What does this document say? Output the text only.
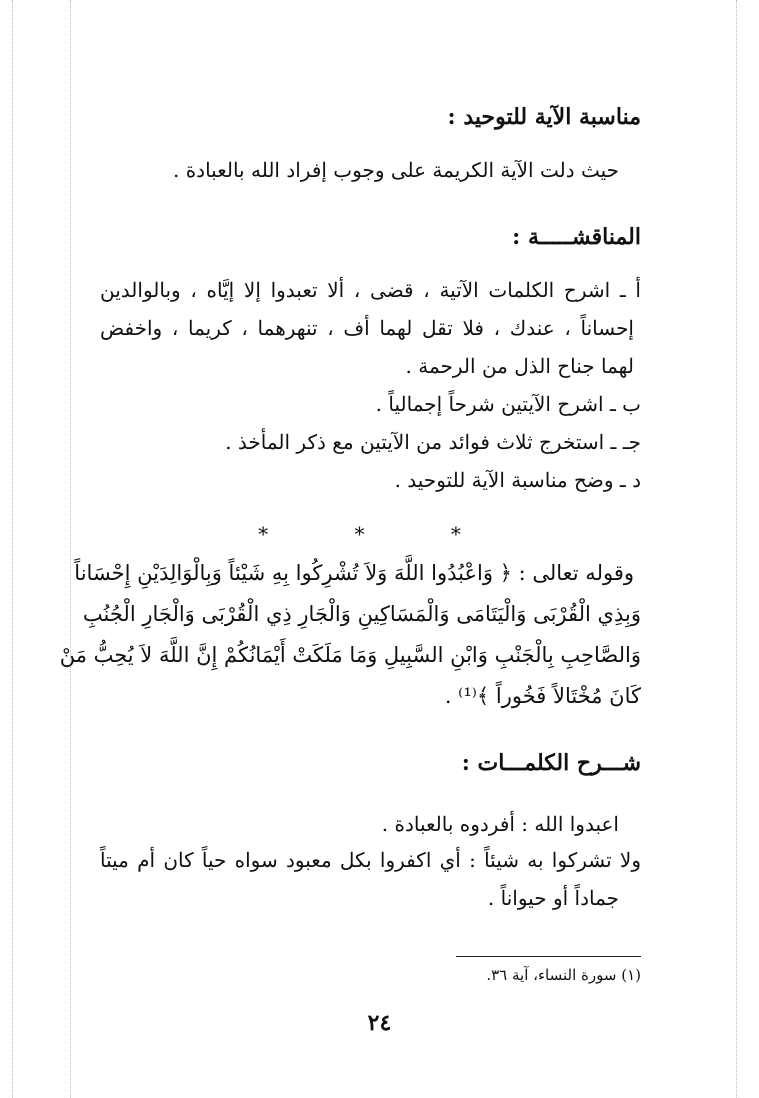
مناسبة الآية للتوحيد :
حيث دلت الآية الكريمة على وجوب إفراد الله بالعبادة .
المناقشـــــة :
أ ـ اشرح الكلمات الآتية ، قضى ، ألا تعبدوا إلا إيَّاه ، وبالوالدين
إحساناً ، عندك ، فلا تقل لهما أف ، تنهرهما ، كريما ، واخفض
لهما جناح الذل من الرحمة .
ب ـ اشرح الآيتين شرحاً إجمالياً .
جـ ـ استخرج ثلاث فوائد من الآيتين مع ذكر المأخذ .
د ـ وضح مناسبة الآية للتوحيد .
* * *
وقوله تعالى : ﴿ وَاعْبُدُوا اللَّهَ وَلاَ تُشْرِكُوا بِهِ شَيْئاً وَبِالْوَالِدَيْنِ إِحْسَاناً
وَبِذِي الْقُرْبَى وَالْيَتَامَى وَالْمَسَاكِينِ وَالْجَارِ ذِي الْقُرْبَى وَالْجَارِ الْجُنُبِ
وَالصَّاحِبِ بِالْجَنْبِ وَابْنِ السَّبِيلِ وَمَا مَلَكَتْ أَيْمَانُكُمْ إِنَّ اللَّهَ لاَ يُحِبُّ مَنْ
كَانَ مُخْتَالاً فَخُوراً ﴾⁽¹⁾ .
شـــرح الكلمـــات :
اعبدوا الله : أفردوه بالعبادة .
ولا تشركوا به شيئاً : أي اكفروا بكل معبود سواه حياً كان أم ميتاً
جماداً أو حيواناً .
(١) سورة النساء، آية ٣٦.
٢٤
